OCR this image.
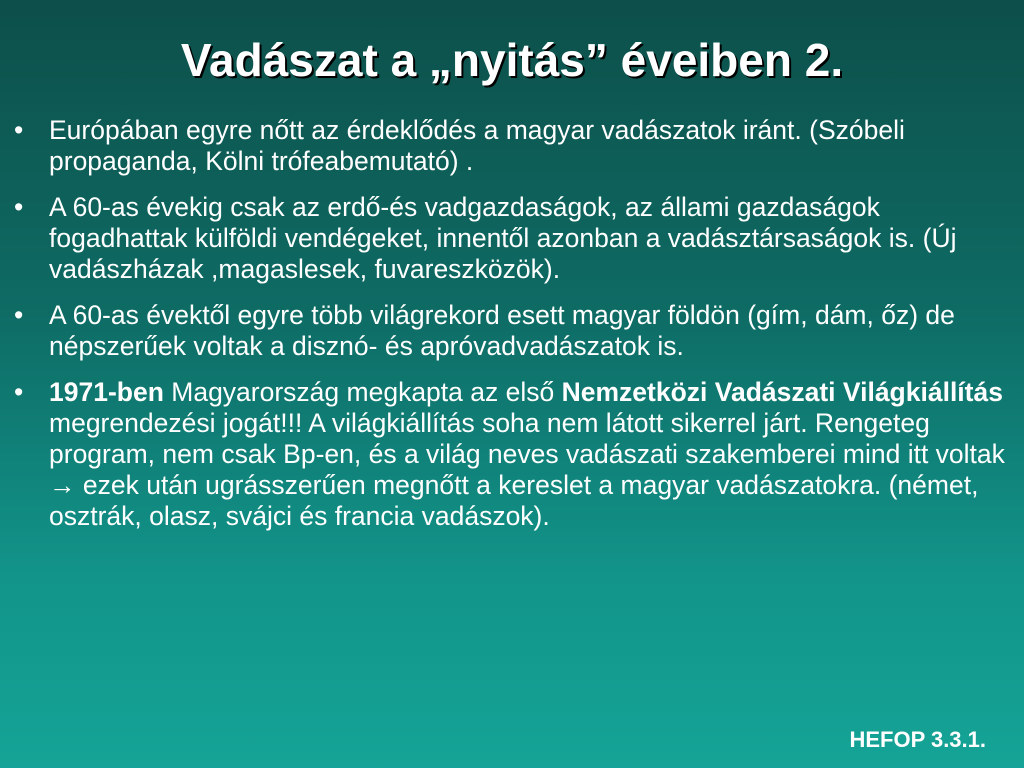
Vadászat a „nyitás” éveiben 2.
• Európában egyre nőtt az érdeklődés a magyar vadászatok iránt. (Szóbeli propaganda, Kölni trófeabemutató) .
• A 60-as évekig csak az erdő-és vadgazdaságok, az állami gazdaságok fogadhattak külföldi vendégeket, innentől azonban a vadásztársaságok is. (Új vadászházak ,magaslesek, fuvareszközök).
• A 60-as évektől egyre több világrekord esett magyar földön (gím, dám, őz) de népszerűek voltak a disznó- és apróvadvadászatok is.
• 1971-ben Magyarország megkapta az első Nemzetközi Vadászati Világkiállítás megrendezési jogát!!! A világkiállítás soha nem látott sikerrel járt. Rengeteg program, nem csak Bp-en, és a világ neves vadászati szakemberei mind itt voltak → ezek után ugrásszerűen megnőtt a kereslet a magyar vadászatokra. (német, osztrák, olasz, svájci és francia vadászok).
HEFOP 3.3.1.
